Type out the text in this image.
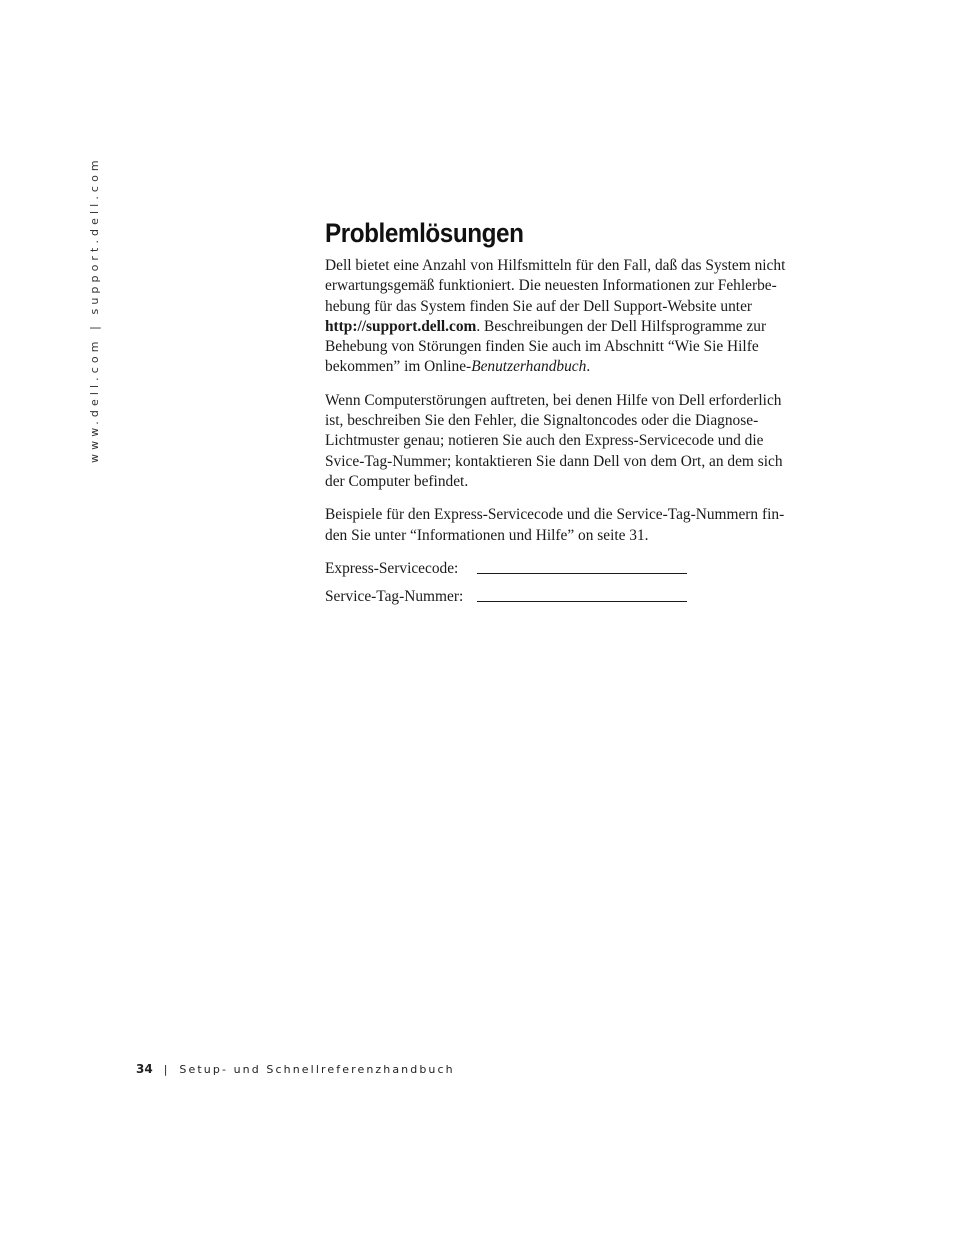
www.dell.com | support.dell.com	Problemlösungen
Dell bietet eine Anzahl von Hilfsmitteln für den Fall, daß das System nicht
erwartungsgemäß funktioniert. Die neuesten Informationen zur Fehlerbe-
hebung für das System finden Sie auf der Dell Support-Website unter
http://support.dell.com. Beschreibungen der Dell Hilfsprogramme zur
Behebung von Störungen finden Sie auch im Abschnitt “Wie Sie Hilfe
bekommen” im Online-Benutzerhandbuch.
Wenn Computerstörungen auftreten, bei denen Hilfe von Dell erforderlich
ist, beschreiben Sie den Fehler, die Signaltoncodes oder die Diagnose-
Lichtmuster genau; notieren Sie auch den Express-Servicecode und die
Svice-Tag-Nummer; kontaktieren Sie dann Dell von dem Ort, an dem sich
der Computer befindet.
Beispiele für den Express-Servicecode und die Service-Tag-Nummern fin-
den Sie unter “Informationen und Hilfe” on seite 31.
Express-Servicecode:
Service-Tag-Nummer:
34 | Setup- und Schnellreferenzhandbuch
